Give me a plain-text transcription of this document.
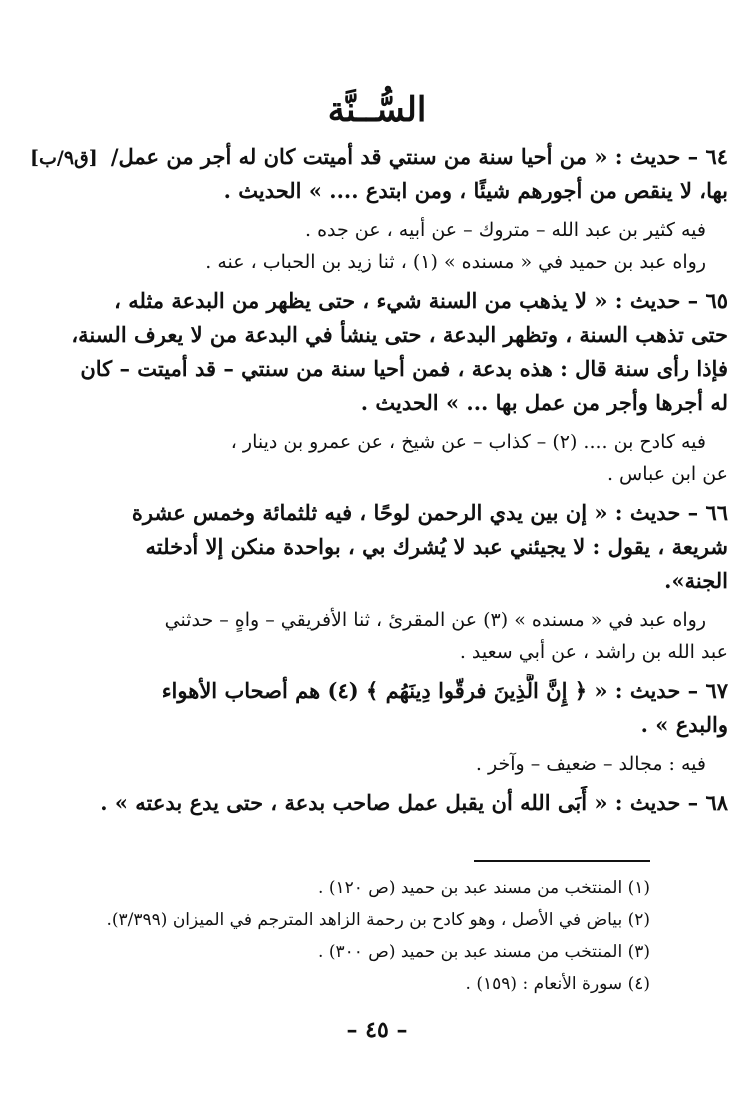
السُّــنَّة
[ق٩/ب] ٦٤ – حديث : « من أحيا سنة من سنتي قد أميتت كان له أجر من عمل/
بها، لا ينقص من أجورهم شيئًا ، ومن ابتدع .... » الحديث .
فيه كثير بن عبد الله – متروك – عن أبيه ، عن جده .
رواه عبد بن حميد في « مسنده » (١) ، ثنا زيد بن الحباب ، عنه .
٦٥ – حديث : « لا يذهب من السنة شيء ، حتى يظهر من البدعة مثله ،
حتى تذهب السنة ، وتظهر البدعة ، حتى ينشأ في البدعة من لا يعرف السنة،
فإذا رأى سنة قال : هذه بدعة ، فمن أحيا سنة من سنتي – قد أميتت – كان
له أجرها وأجر من عمل بها ... » الحديث .
فيه كادح بن .... (٢) – كذاب – عن شيخ ، عن عمرو بن دينار ،
عن ابن عباس .
٦٦ – حديث : « إن بين يدي الرحمن لوحًا ، فيه ثلثمائة وخمس عشرة
شريعة ، يقول : لا يجيئني عبد لا يُشرك بي ، بواحدة منكن إلا أدخلته
الجنة».
رواه عبد في « مسنده » (٣) عن المقرئ ، ثنا الأفريقي – واهٍ – حدثني
عبد الله بن راشد ، عن أبي سعيد .
٦٧ – حديث : « ﴿ إِنَّ الَّذِينَ فرقّوا دِينَهُم ﴾ (٤) هم أصحاب الأهواء
والبدع » .
فيه : مجالد – ضعيف – وآخر .
٦٨ – حديث : « أَبَى الله أن يقبل عمل صاحب بدعة ، حتى يدع بدعته » .
(١) المنتخب من مسند عبد بن حميد (ص ١٢٠) .
(٢) بياض في الأصل ، وهو كادح بن رحمة الزاهد المترجم في الميزان (٣/٣٩٩).
(٣) المنتخب من مسند عبد بن حميد (ص ٣٠٠) .
(٤) سورة الأنعام : (١٥٩) .
– ٤٥ –
